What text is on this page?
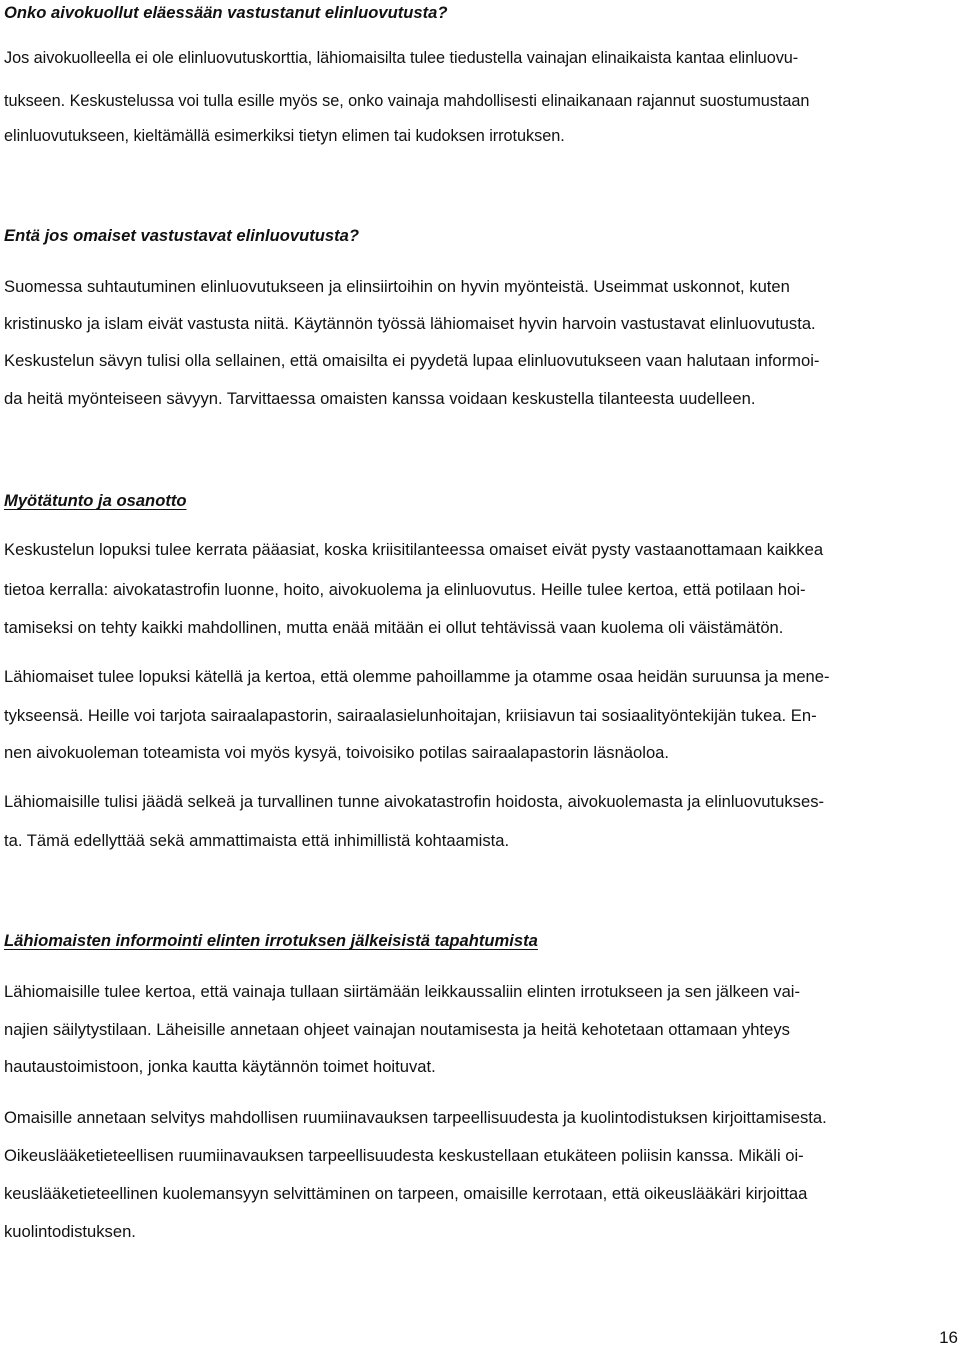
Onko aivokuollut eläessään vastustanut elinluovutusta?

Jos aivokuolleella ei ole elinluovutuskorttia, lähiomaisilta tulee tiedustella vainajan elinaikaista kantaa elinluovu-

tukseen. Keskustelussa voi tulla esille myös se, onko vainaja mahdollisesti elinaikanaan rajannut suostumustaan

elinluovutukseen, kieltämällä esimerkiksi tietyn elimen tai kudoksen irrotuksen.

Entä jos omaiset vastustavat elinluovutusta?

Suomessa suhtautuminen elinluovutukseen ja elinsiirtoihin on hyvin myönteistä. Useimmat uskonnot, kuten

kristinusko ja islam eivät vastusta niitä. Käytännön työssä lähiomaiset hyvin harvoin vastustavat elinluovutusta.

Keskustelun sävyn tulisi olla sellainen, että omaisilta ei pyydetä lupaa elinluovutukseen vaan halutaan informoi-

da heitä myönteiseen sävyyn. Tarvittaessa omaisten kanssa voidaan keskustella tilanteesta uudelleen.

Myötätunto ja osanotto

Keskustelun lopuksi tulee kerrata pääasiat, koska kriisitilanteessa omaiset eivät pysty vastaanottamaan kaikkea

tietoa kerralla: aivokatastrofin luonne, hoito, aivokuolema ja elinluovutus. Heille tulee kertoa, että potilaan hoi-

tamiseksi on tehty kaikki mahdollinen, mutta enää mitään ei ollut tehtävissä vaan kuolema oli väistämätön.

Lähiomaiset tulee lopuksi kätellä ja kertoa, että olemme pahoillamme ja otamme osaa heidän suruunsa ja mene-

tykseensä. Heille voi tarjota sairaalapastorin, sairaalasielunhoitajan, kriisiavun tai sosiaalityöntekijän tukea. En-

nen aivokuoleman toteamista voi myös kysyä, toivoisiko potilas sairaalapastorin läsnäoloa.

Lähiomaisille tulisi jäädä selkeä ja turvallinen tunne aivokatastrofin hoidosta, aivokuolemasta ja elinluovutukses-

ta. Tämä edellyttää sekä ammattimaista että inhimillistä kohtaamista.

Lähiomaisten informointi elinten irrotuksen jälkeisistä tapahtumista

Lähiomaisille tulee kertoa, että vainaja tullaan siirtämään leikkaussaliin elinten irrotukseen ja sen jälkeen vai-

najien säilytystilaan. Läheisille annetaan ohjeet vainajan noutamisesta ja heitä kehotetaan ottamaan yhteys

hautaustoimistoon, jonka kautta käytännön toimet hoituvat.

Omaisille annetaan selvitys mahdollisen ruumiinavauksen tarpeellisuudesta ja kuolintodistuksen kirjoittamisesta.

Oikeuslääketieteellisen ruumiinavauksen tarpeellisuudesta keskustellaan etukäteen poliisin kanssa. Mikäli oi-

keuslääketieteellinen kuolemansyyn selvittäminen on tarpeen, omaisille kerrotaan, että oikeuslääkäri kirjoittaa

kuolintodistuksen.

16
